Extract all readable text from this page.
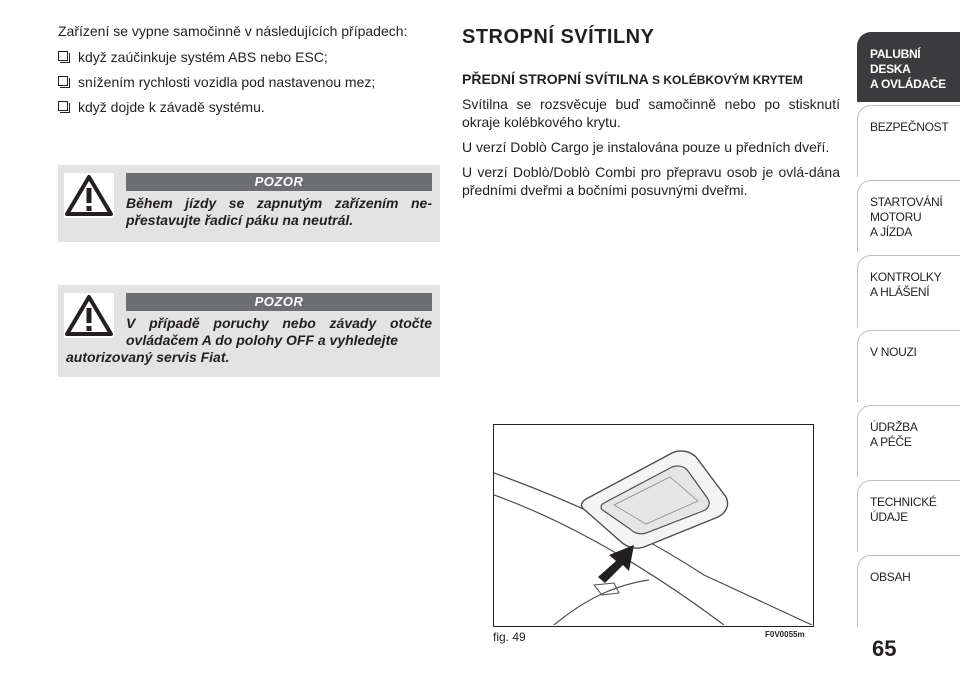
Zařízení se vypne samočinně v následujících případech:

když zaúčinkuje systém ABS nebo ESC;
snížením rychlosti vozidla pod nastavenou mez;
když dojde k závadě systému.
POZOR
Během jízdy se zapnutým zařízením ne-přestavujte řadicí páku na neutrál.
POZOR
V případě poruchy nebo závady otočte ovládačem A do polohy OFF a vyhledejte
autorizovaný servis Fiat.
STROPNÍ SVÍTILNY
PŘEDNÍ STROPNÍ SVÍTILNA S KOLÉBKOVÝM KRYTEM

Svítilna se rozsvěcuje buď samočinně nebo po stisknutí okraje kolébkového krytu.

U verzí Doblò Cargo je instalována pouze u předních dveří.

U verzí Doblò/Doblò Combi pro přepravu osob je ovlá-dána předními dveřmi a bočními posuvnými dveřmi.

fig. 49	F0V0055m
PALUBNÍ DESKA
A OVLÁDAČE
BEZPEČNOST
STARTOVÁNÍ
MOTORU
A JÍZDA
KONTROLKY
A HLÁŠENÍ
V NOUZI
ÚDRŽBA
A PÉČE
TECHNICKÉ
ÚDAJE
OBSAH
65
